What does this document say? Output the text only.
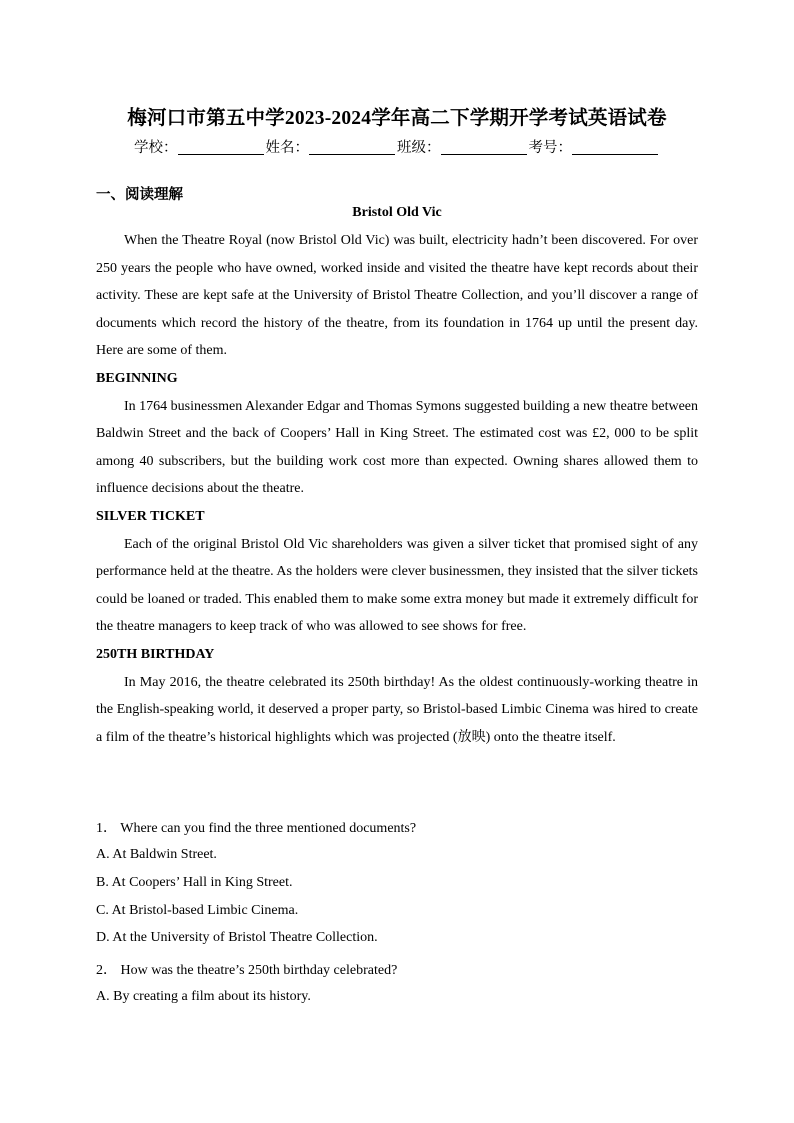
梅河口市第五中学2023-2024学年高二下学期开学考试英语试卷
学校：	姓名：	班级：	考号：
一、阅读理解
Bristol Old Vic

When the Theatre Royal (now Bristol Old Vic) was built, electricity hadn’t been discovered. For over 250 years the people who have owned, worked inside and visited the theatre have kept records about their activity. These are kept safe at the University of Bristol Theatre Collection, and you’ll discover a range of documents which record the history of the theatre, from its foundation in 1764 up until the present day. Here are some of them.

BEGINNING

In 1764 businessmen Alexander Edgar and Thomas Symons suggested building a new theatre between Baldwin Street and the back of Coopers’ Hall in King Street. The estimated cost was £2, 000 to be split among 40 subscribers, but the building work cost more than expected. Owning shares allowed them to influence decisions about the theatre.

SILVER TICKET

Each of the original Bristol Old Vic shareholders was given a silver ticket that promised sight of any performance held at the theatre. As the holders were clever businessmen, they insisted that the silver tickets could be loaned or traded. This enabled them to make some extra money but made it extremely difficult for the theatre managers to keep track of who was allowed to see shows for free.

250TH BIRTHDAY

In May 2016, the theatre celebrated its 250th birthday! As the oldest continuously-working theatre in the English-speaking world, it deserved a proper party, so Bristol-based Limbic Cinema was hired to create a film of the theatre’s historical highlights which was projected (放映) onto the theatre itself.

1． Where can you find the three mentioned documents?
A. At Baldwin Street.
B. At Coopers’ Hall in King Street.
C. At Bristol-based Limbic Cinema.
D. At the University of Bristol Theatre Collection.
2． How was the theatre’s 250th birthday celebrated?
A. By creating a film about its history.
